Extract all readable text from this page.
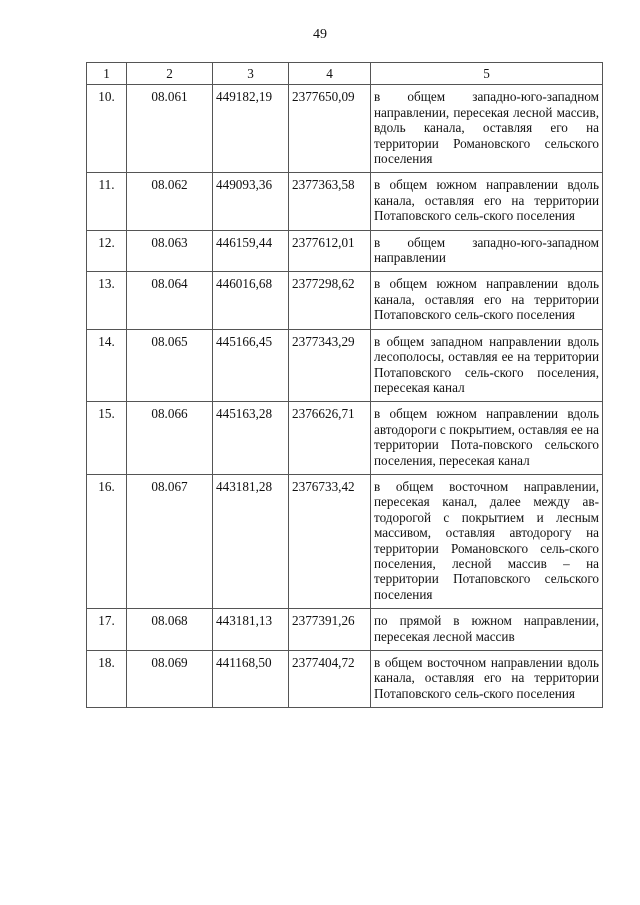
49
1	2	3	4	5
10.	08.061	449182,19	2377650,09	в общем западно-юго-западном направлении, пересекая лесной массив, вдоль канала, оставляя его на территории Романовского сельского поселения
11.	08.062	449093,36	2377363,58	в общем южном направлении вдоль канала, оставляя его на территории Потаповского сель-ского поселения
12.	08.063	446159,44	2377612,01	в общем западно-юго-западном направлении
13.	08.064	446016,68	2377298,62	в общем южном направлении вдоль канала, оставляя его на территории Потаповского сель-ского поселения
14.	08.065	445166,45	2377343,29	в общем западном направлении вдоль лесополосы, оставляя ее на территории Потаповского сель-ского поселения, пересекая канал
15.	08.066	445163,28	2376626,71	в общем южном направлении вдоль автодороги с покрытием, оставляя ее на территории Пота-повского сельского поселения, пересекая канал
16.	08.067	443181,28	2376733,42	в общем восточном направлении, пересекая канал, далее между ав-тодорогой с покрытием и лесным массивом, оставляя автодорогу на территории Романовского сель-ского поселения, лесной массив – на территории Потаповского сельского поселения
17.	08.068	443181,13	2377391,26	по прямой в южном направлении, пересекая лесной массив
18.	08.069	441168,50	2377404,72	в общем восточном направлении вдоль канала, оставляя его на территории Потаповского сель-ского поселения
